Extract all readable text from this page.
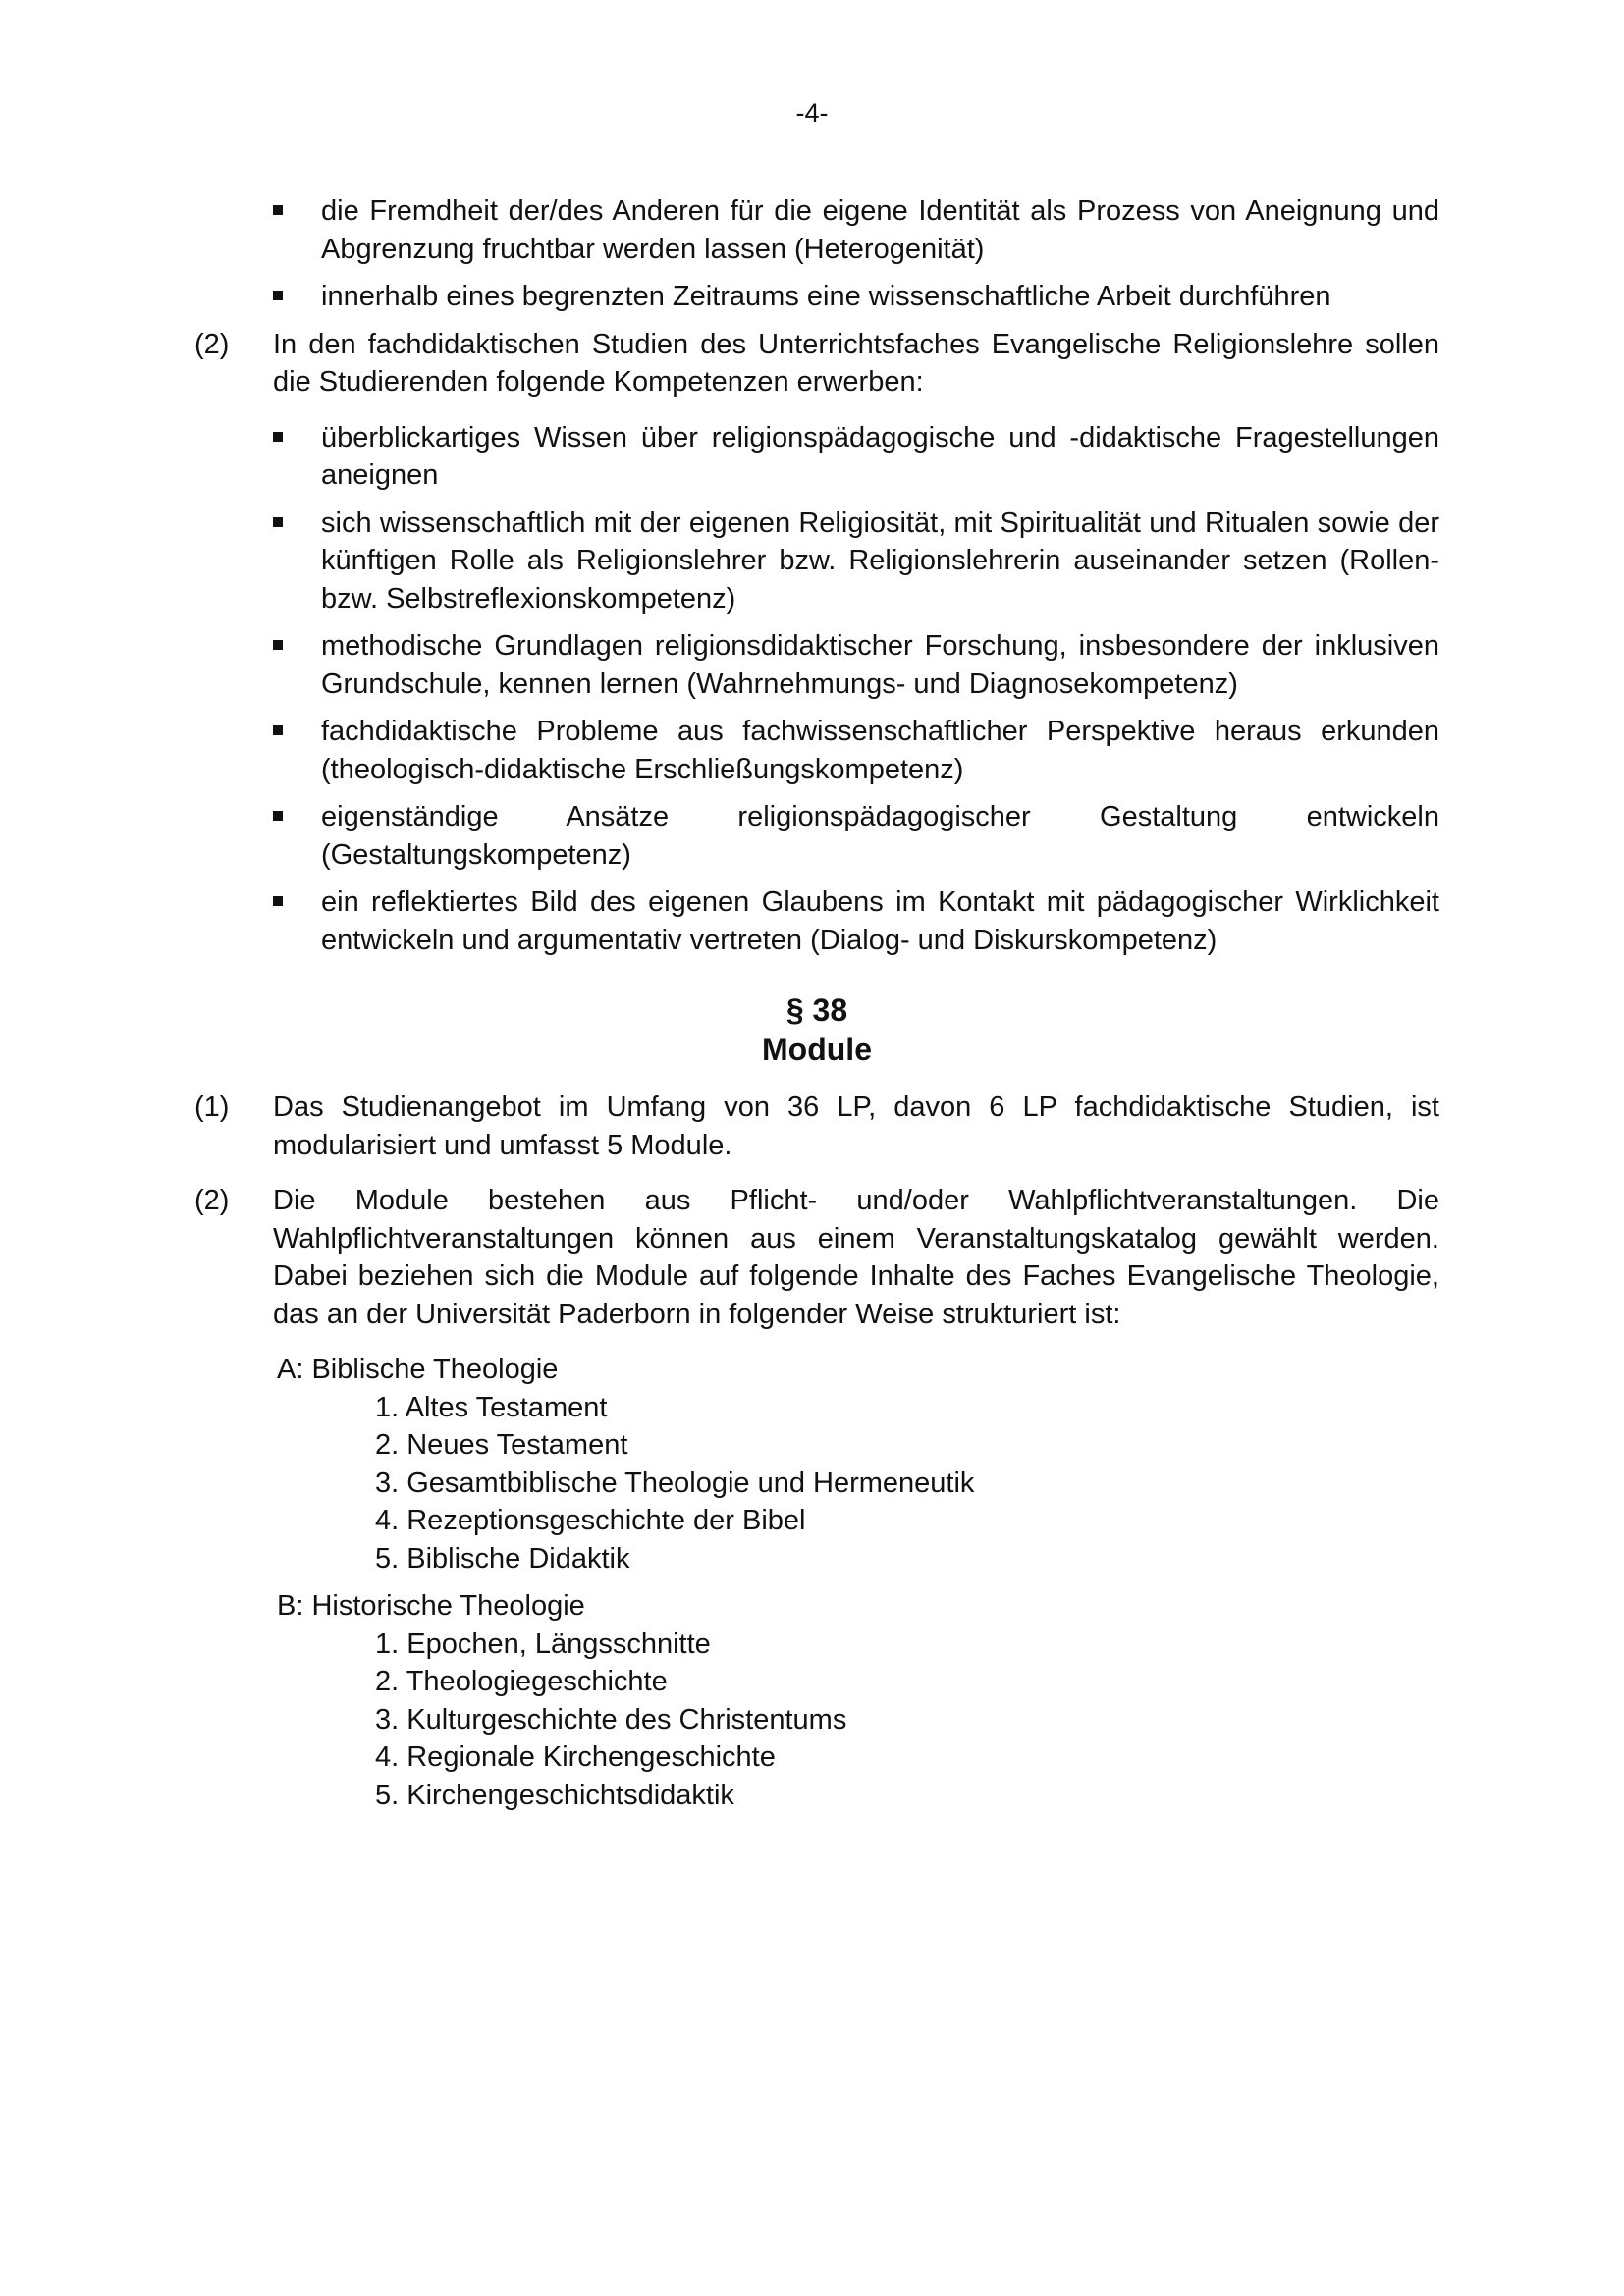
-4-
die Fremdheit der/des Anderen für die eigene Identität als Prozess von Aneignung und Abgrenzung fruchtbar werden lassen (Heterogenität)
innerhalb eines begrenzten Zeitraums eine wissenschaftliche Arbeit durchführen
(2) In den fachdidaktischen Studien des Unterrichtsfaches Evangelische Religionslehre sollen die Studierenden folgende Kompetenzen erwerben:
überblickartiges Wissen über religionspädagogische und -didaktische Fragestellungen aneignen
sich wissenschaftlich mit der eigenen Religiosität, mit Spiritualität und Ritualen sowie der künftigen Rolle als Religionslehrer bzw. Religionslehrerin auseinander setzen (Rollen- bzw. Selbstreflexionskompetenz)
methodische Grundlagen religionsdidaktischer Forschung, insbesondere der inklusiven Grundschule, kennen lernen (Wahrnehmungs- und Diagnosekompetenz)
fachdidaktische Probleme aus fachwissenschaftlicher Perspektive heraus erkunden (theologisch-didaktische Erschließungskompetenz)
eigenständige Ansätze religionspädagogischer Gestaltung entwickeln (Gestaltungskompetenz)
ein reflektiertes Bild des eigenen Glaubens im Kontakt mit pädagogischer Wirklichkeit entwickeln und argumentativ vertreten (Dialog- und Diskurskompetenz)
§ 38
Module
(1) Das Studienangebot im Umfang von 36 LP, davon 6 LP fachdidaktische Studien, ist modularisiert und umfasst 5 Module.
(2) Die Module bestehen aus Pflicht- und/oder Wahlpflichtveranstaltungen. Die Wahlpflichtveranstaltungen können aus einem Veranstaltungskatalog gewählt werden. Dabei beziehen sich die Module auf folgende Inhalte des Faches Evangelische Theologie, das an der Universität Paderborn in folgender Weise strukturiert ist:
A: Biblische Theologie
1. Altes Testament
2. Neues Testament
3. Gesamtbiblische Theologie und Hermeneutik
4. Rezeptionsgeschichte der Bibel
5. Biblische Didaktik
B: Historische Theologie
1. Epochen, Längsschnitte
2. Theologiegeschichte
3. Kulturgeschichte des Christentums
4. Regionale Kirchengeschichte
5. Kirchengeschichtsdidaktik
